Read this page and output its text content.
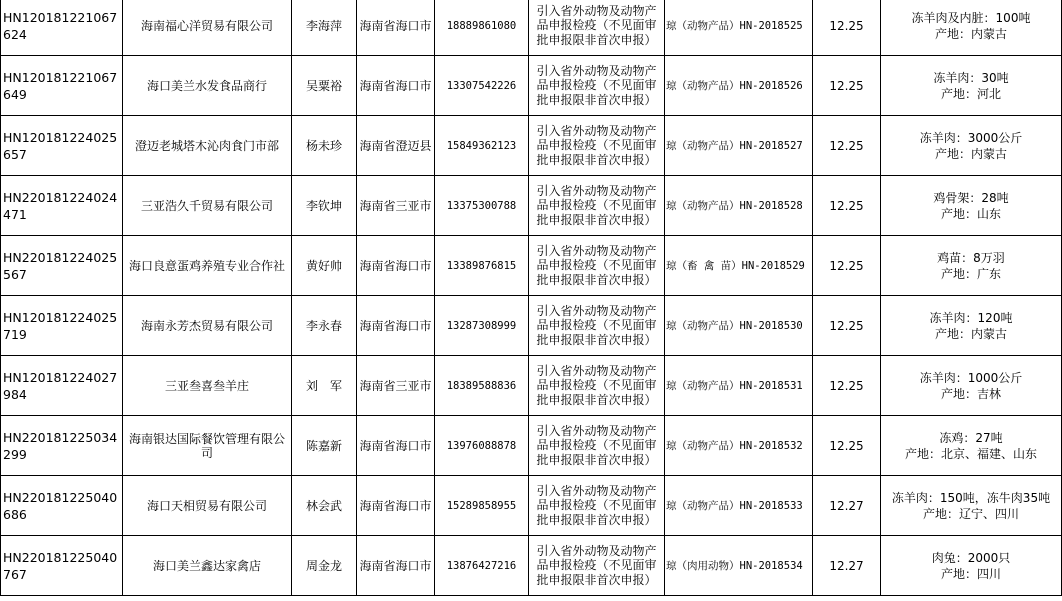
HN120181221067624	海南福心洋贸易有限公司	李海萍	海南省海口市	18889861080	引入省外动物及动物产品申报检疫（不见面审批申报限非首次申报）	琼（动物产品）HN-2018525	12.25	冻羊肉及内脏：100吨
产地：内蒙古
HN120181221067649	海口美兰水发食品商行	吴粟裕	海南省海口市	13307542226	引入省外动物及动物产品申报检疫（不见面审批申报限非首次申报）	琼（动物产品）HN-2018526	12.25	冻羊肉：30吨
产地：河北
HN120181224025657	澄迈老城塔木沁肉食门市部	杨未珍	海南省澄迈县	15849362123	引入省外动物及动物产品申报检疫（不见面审批申报限非首次申报）	琼（动物产品）HN-2018527	12.25	冻羊肉：3000公斤
产地：内蒙古
HN220181224024471	三亚浩久千贸易有限公司	李钦坤	海南省三亚市	13375300788	引入省外动物及动物产品申报检疫（不见面审批申报限非首次申报）	琼（动物产品）HN-2018528	12.25	鸡骨架：28吨
产地：山东
HN220181224025567	海口良意蛋鸡养殖专业合作社	黄好帅	海南省海口市	13389876815	引入省外动物及动物产品申报检疫（不见面审批申报限非首次申报）	琼（畜 禽 苗）HN-2018529	12.25	鸡苗：8万羽
产地：广东
HN120181224025719	海南永芳杰贸易有限公司	李永春	海南省海口市	13287308999	引入省外动物及动物产品申报检疫（不见面审批申报限非首次申报）	琼（动物产品）HN-2018530	12.25	冻羊肉：120吨
产地：内蒙古
HN120181224027984	三亚叁喜叁羊庄	刘　军	海南省三亚市	18389588836	引入省外动物及动物产品申报检疫（不见面审批申报限非首次申报）	琼（动物产品）HN-2018531	12.25	冻羊肉：1000公斤
产地：吉林
HN220181225034299	海南银达国际餐饮管理有限公司	陈嘉新	海南省海口市	13976088878	引入省外动物及动物产品申报检疫（不见面审批申报限非首次申报）	琼（动物产品）HN-2018532	12.25	冻鸡：27吨
产地：北京、福建、山东
HN220181225040686	海口天相贸易有限公司	林会武	海南省海口市	15289858955	引入省外动物及动物产品申报检疫（不见面审批申报限非首次申报）	琼（动物产品）HN-2018533	12.27	冻羊肉：150吨，冻牛肉35吨
产地：辽宁、四川
HN220181225040767	海口美兰鑫达家禽店	周金龙	海南省海口市	13876427216	引入省外动物及动物产品申报检疫（不见面审批申报限非首次申报）	琼（肉用动物）HN-2018534	12.27	肉兔：2000只
产地：四川
